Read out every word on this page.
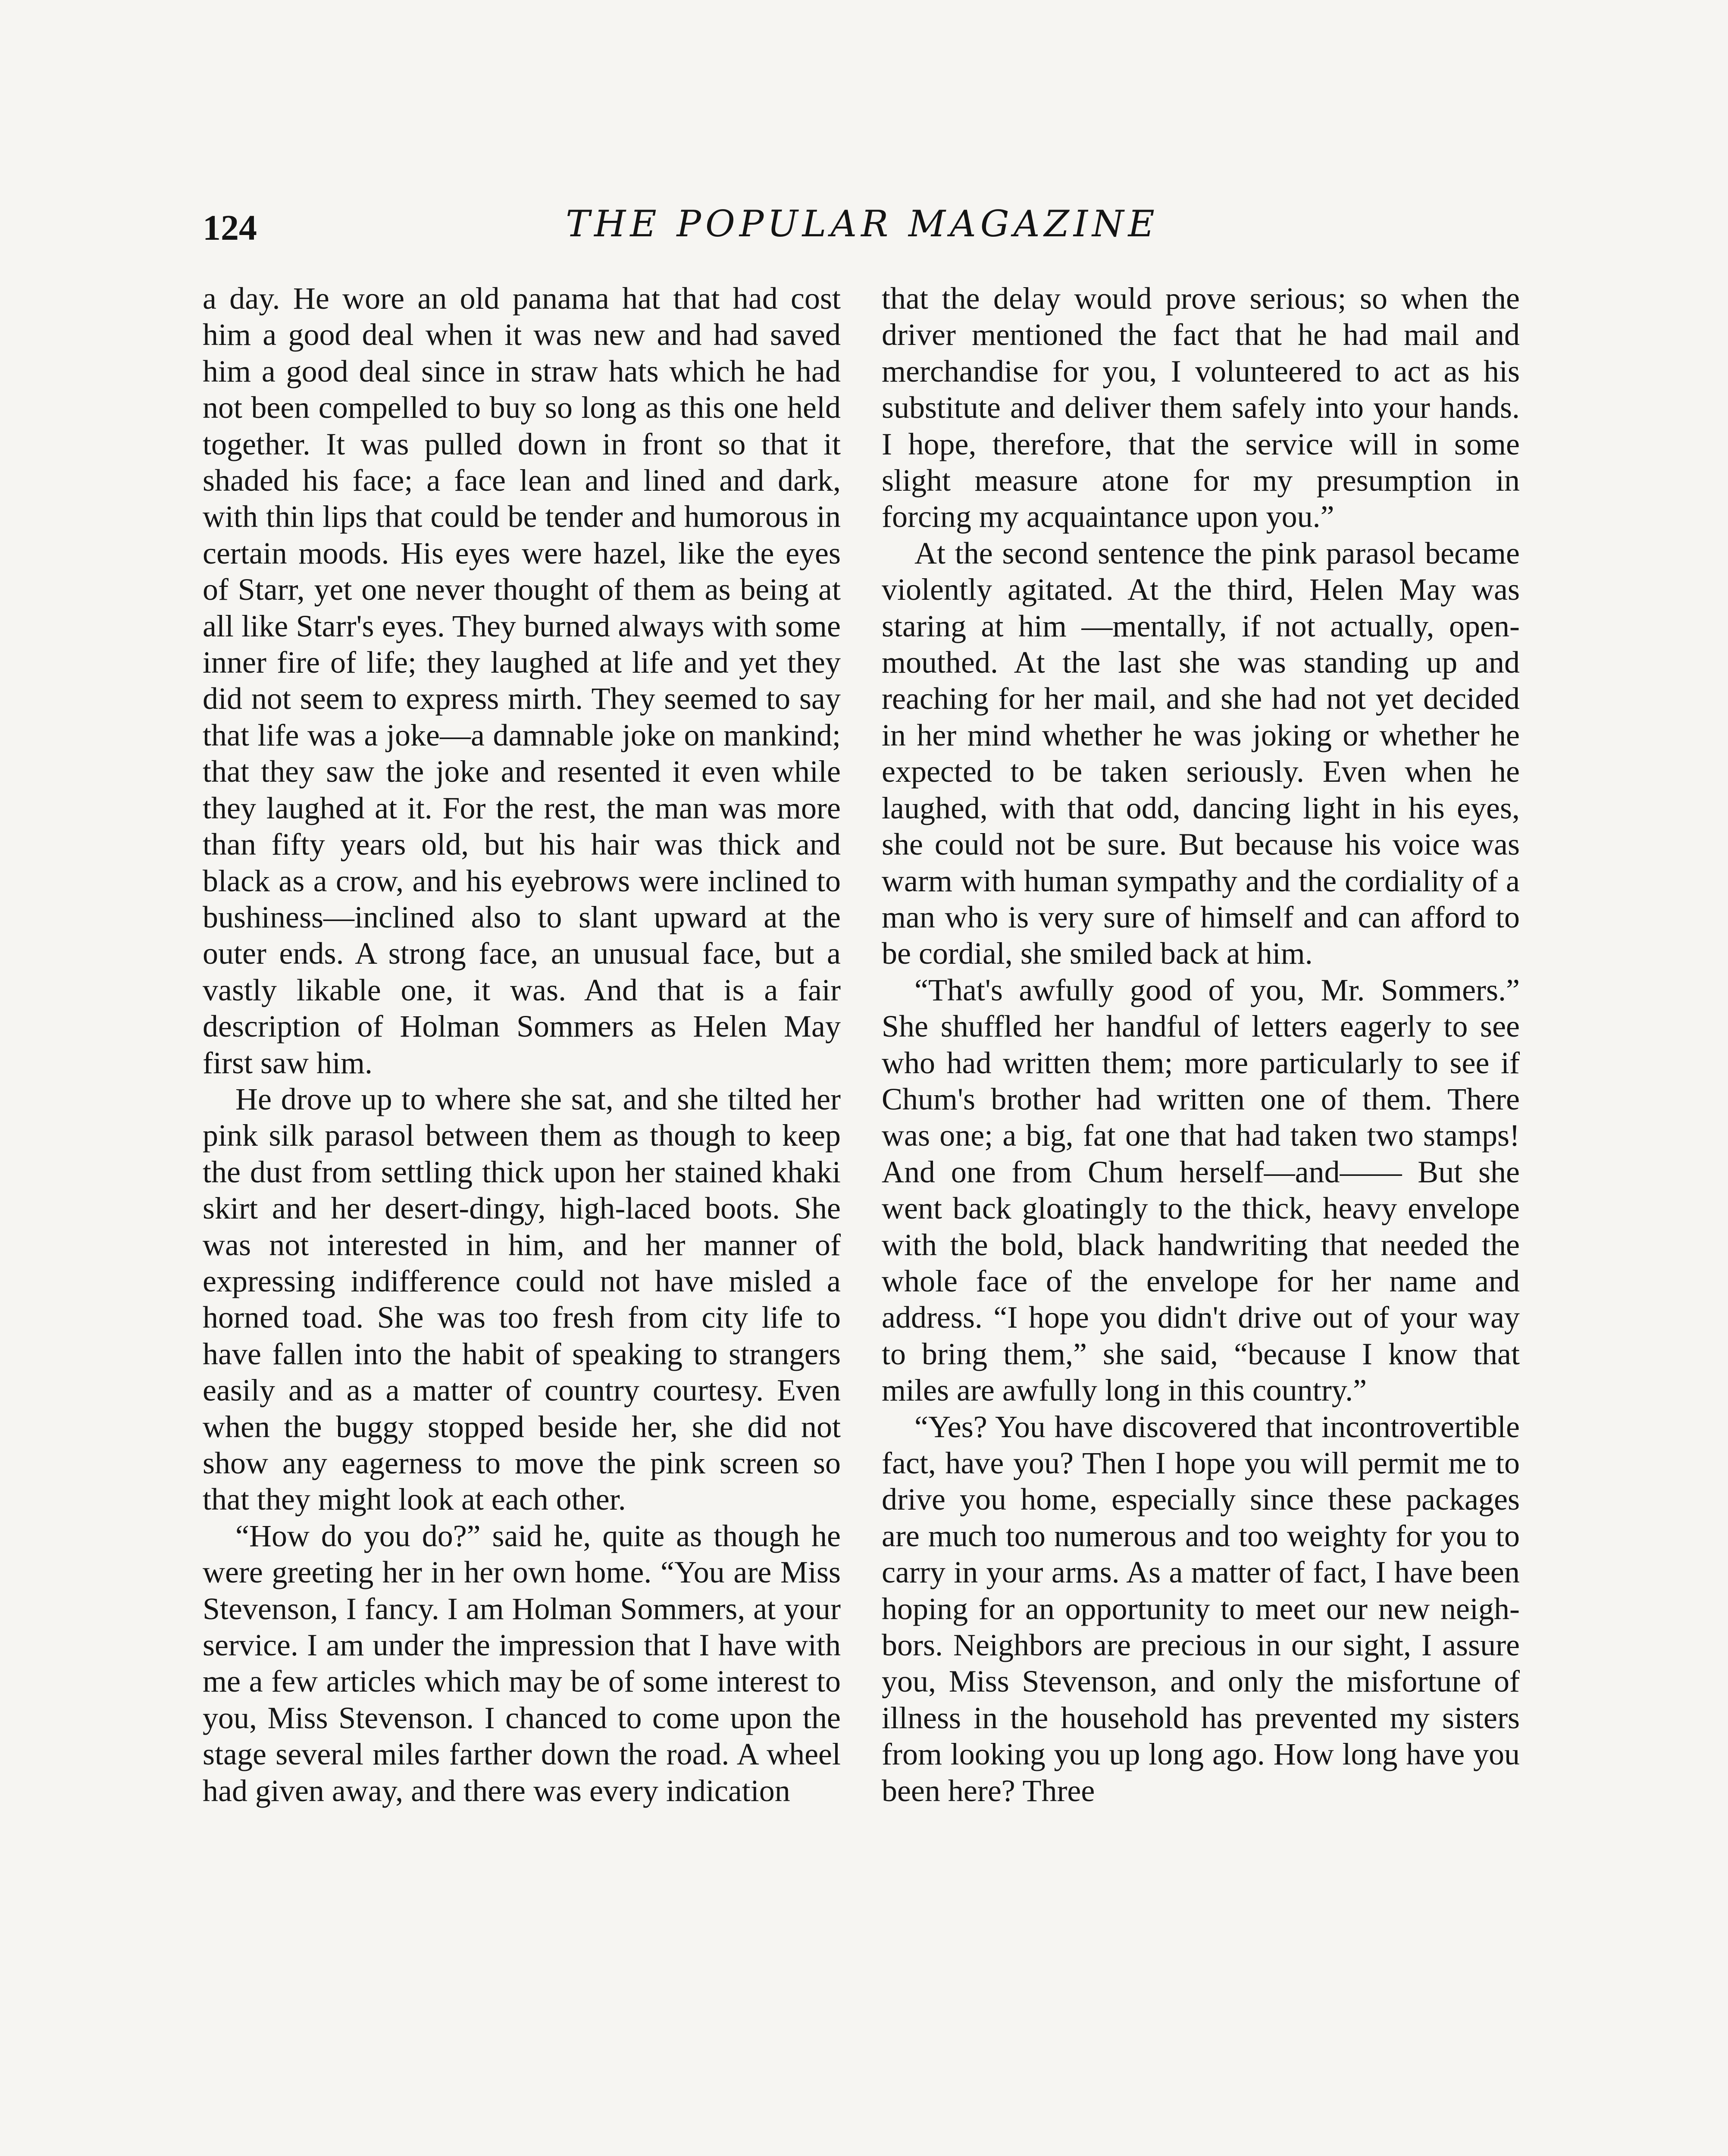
124	THE POPULAR MAGAZINE

a day. He wore an old panama hat that had cost him a good deal when it was new and had saved him a good deal since in straw hats which he had not been compelled to buy so long as this one held together. It was pulled down in front so that it shaded his face; a face lean and lined and dark, with thin lips that could be tender and humorous in certain moods. His eyes were hazel, like the eyes of Starr, yet one never thought of them as being at all like Starr's eyes. They burned always with some inner fire of life; they laughed at life and yet they did not seem to express mirth. They seemed to say that life was a joke—a damnable joke on mankind; that they saw the joke and resented it even while they laughed at it. For the rest, the man was more than fifty years old, but his hair was thick and black as a crow, and his eyebrows were inclined to bushiness—inclined also to slant upward at the outer ends. A strong face, an unusual face, but a vastly likable one, it was. And that is a fair description of Holman Sommers as Helen May first saw him.

He drove up to where she sat, and she tilted her pink silk parasol between them as though to keep the dust from settling thick upon her stained khaki skirt and her desert-dingy, high-laced boots. She was not interested in him, and her manner of expressing indifference could not have misled a horned toad. She was too fresh from city life to have fallen into the habit of speaking to strangers easily and as a matter of country courtesy. Even when the buggy stopped beside her, she did not show any eagerness to move the pink screen so that they might look at each other.

“How do you do?” said he, quite as though he were greeting her in her own home. “You are Miss Stevenson, I fancy. I am Holman Sommers, at your service. I am under the impression that I have with me a few articles which may be of some interest to you, Miss Stevenson. I chanced to come upon the stage several miles farther down the road. A wheel had given away, and there was every indication

that the delay would prove serious; so when the driver mentioned the fact that he had mail and merchandise for you, I volunteered to act as his substitute and deliver them safely into your hands. I hope, therefore, that the service will in some slight measure atone for my presumption in forcing my acquaintance upon you.”

At the second sentence the pink parasol became violently agitated. At the third, Helen May was staring at him —mentally, if not actually, openmouthed. At the last she was standing up and reaching for her mail, and she had not yet decided in her mind whether he was joking or whether he expected to be taken seriously. Even when he laughed, with that odd, dancing light in his eyes, she could not be sure. But because his voice was warm with human sympathy and the cordiality of a man who is very sure of himself and can afford to be cordial, she smiled back at him.

“That's awfully good of you, Mr. Sommers.” She shuffled her handful of letters eagerly to see who had written them; more particularly to see if Chum's brother had written one of them. There was one; a big, fat one that had taken two stamps! And one from Chum herself—and—— But she went back gloatingly to the thick, heavy envelope with the bold, black handwriting that needed the whole face of the envelope for her name and address. “I hope you didn't drive out of your way to bring them,” she said, “because I know that miles are awfully long in this country.”

“Yes? You have discovered that incontrovertible fact, have you? Then I hope you will permit me to drive you home, especially since these packages are much too numerous and too weighty for you to carry in your arms. As a matter of fact, I have been hoping for an opportunity to meet our new neighbors. Neighbors are precious in our sight, I assure you, Miss Stevenson, and only the misfortune of illness in the household has prevented my sisters from looking you up long ago. How long have you been here? Three
